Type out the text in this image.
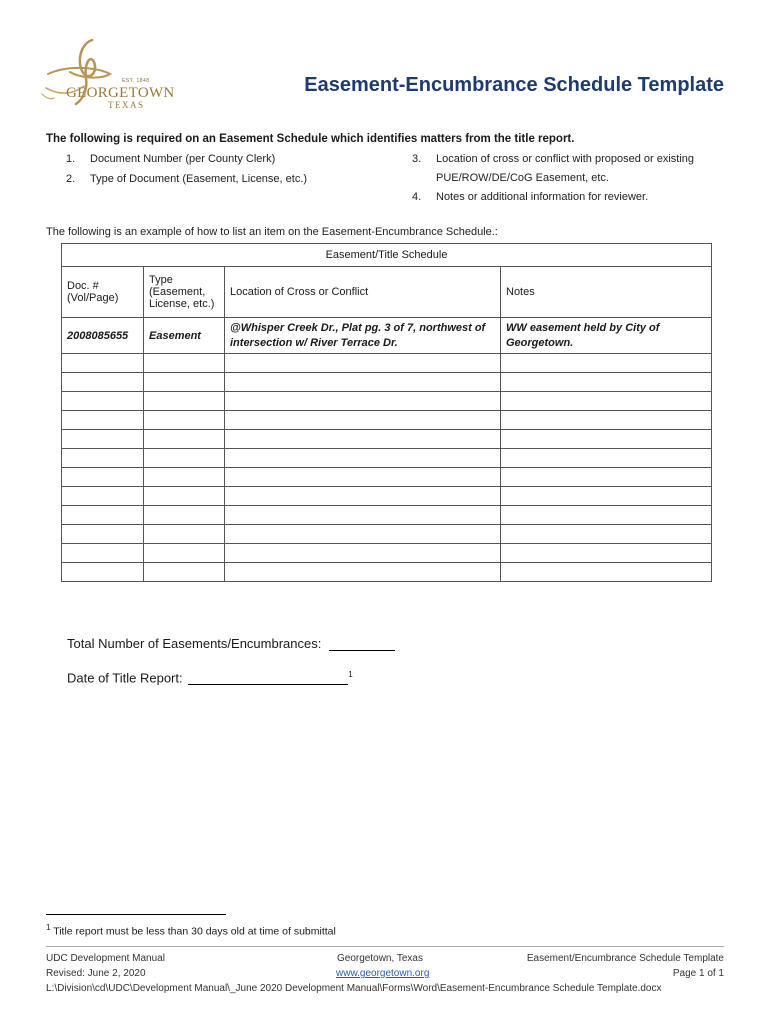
EST. 1848
GEORGETOWN
TEXAS
Easement-Encumbrance Schedule Template
The following is required on an Easement Schedule which identifies matters from the title report.
1. Document Number (per County Clerk)
2. Type of Document (Easement, License, etc.)
3. Location of cross or conflict with proposed or existing
PUE/ROW/DE/CoG Easement, etc.
4. Notes or additional information for reviewer.
The following is an example of how to list an item on the Easement-Encumbrance Schedule.:
Easement/Title Schedule			
Doc. #
(Vol/Page)	Type
(Easement,
License, etc.)	Location of Cross or Conflict	Notes
2008085655	Easement	@Whisper Creek Dr., Plat pg. 3 of 7, northwest of
intersection w/ River Terrace Dr.	WW easement held by City of
Georgetown.

Total Number of Easements/Encumbrances:
Date of Title Report:	$^1$
$^1$ Title report must be less than 30 days old at time of submittal
UDC Development Manual
Revised: June 2, 2020
Georgetown, Texas
www.georgetown.org
Easement/Encumbrance Schedule Template
Page 1 of 1
L:\Division\cd\UDC\Development Manual\_June 2020 Development Manual\Forms\Word\Easement-Encumbrance Schedule Template.docx
